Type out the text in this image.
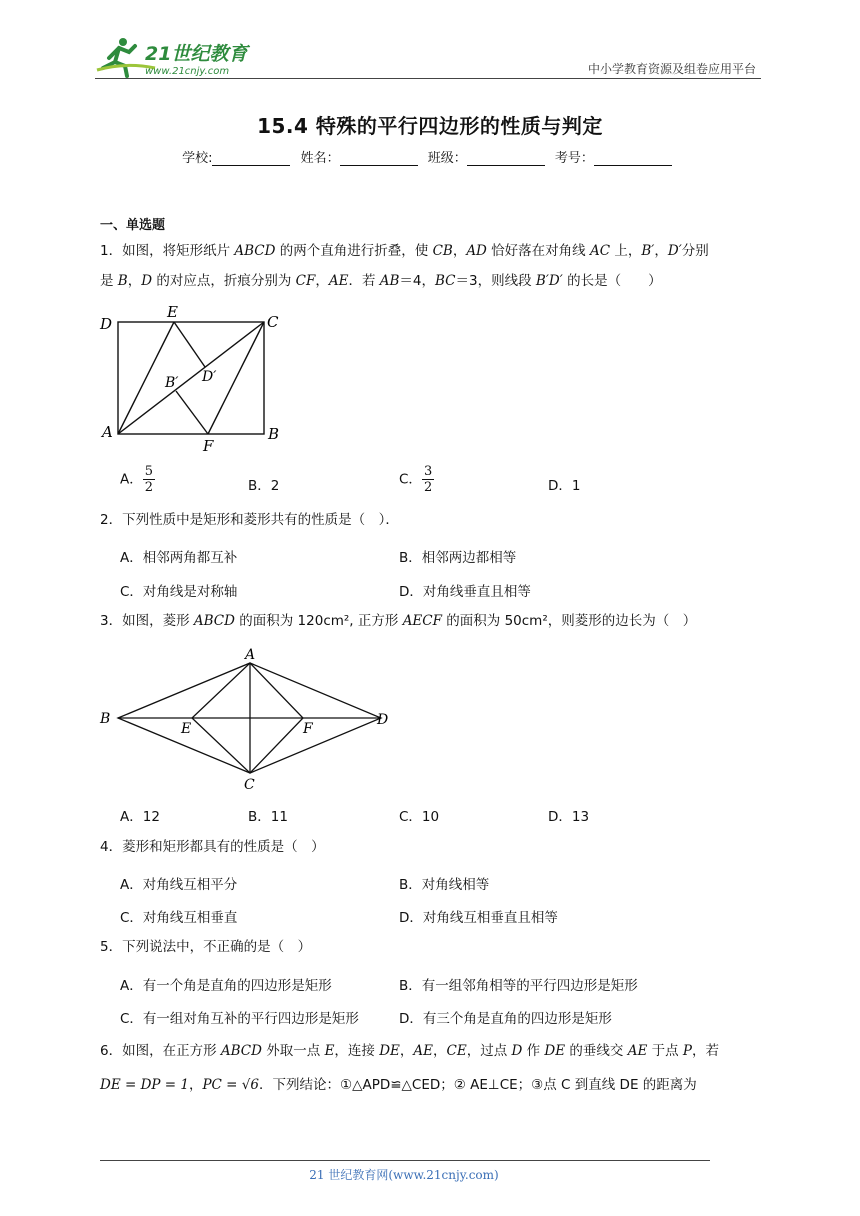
21世纪教育
www.21cnjy.com	中小学教育资源及组卷应用平台
15.4 特殊的平行四边形的性质与判定
学校:	姓名：	班级：	考号：
一、单选题
1．如图，将矩形纸片 ABCD 的两个直角进行折叠，使 CB，AD 恰好落在对角线 AC 上，B′，D′分别
是 B，D 的对应点，折痕分别为 CF，AE．若 AB＝4，BC＝3，则线段 B′D′ 的长是（　　）
D
E
C
B′ D′
A
F
B
A． $\frac{5}{2}$	B．2	C． $\frac{3}{2}$	D．1
2．下列性质中是矩形和菱形共有的性质是（　）．
A．相邻两角都互补	B．相邻两边都相等
C．对角线是对称轴	D．对角线垂直且相等
3．如图，菱形 ABCD 的面积为 120cm², 正方形 AECF 的面积为 50cm²，则菱形的边长为（　）
A
B
E	F
D
C
A．12	B．11	C．10	D．13
4．菱形和矩形都具有的性质是（　）
A．对角线互相平分	B．对角线相等
C．对角线互相垂直	D．对角线互相垂直且相等
5．下列说法中，不正确的是（　）
A．有一个角是直角的四边形是矩形	B．有一组邻角相等的平行四边形是矩形
C．有一组对角互补的平行四边形是矩形	D．有三个角是直角的四边形是矩形
6．如图，在正方形 ABCD 外取一点 E，连接 DE，AE，CE，过点 D 作 DE 的垂线交 AE 于点 P，若
DE = DP = 1，PC = √6．下列结论：①△APD≌△CED；② AE⊥CE；③点 C 到直线 DE 的距离为
21 世纪教育网(www.21cnjy.com)
